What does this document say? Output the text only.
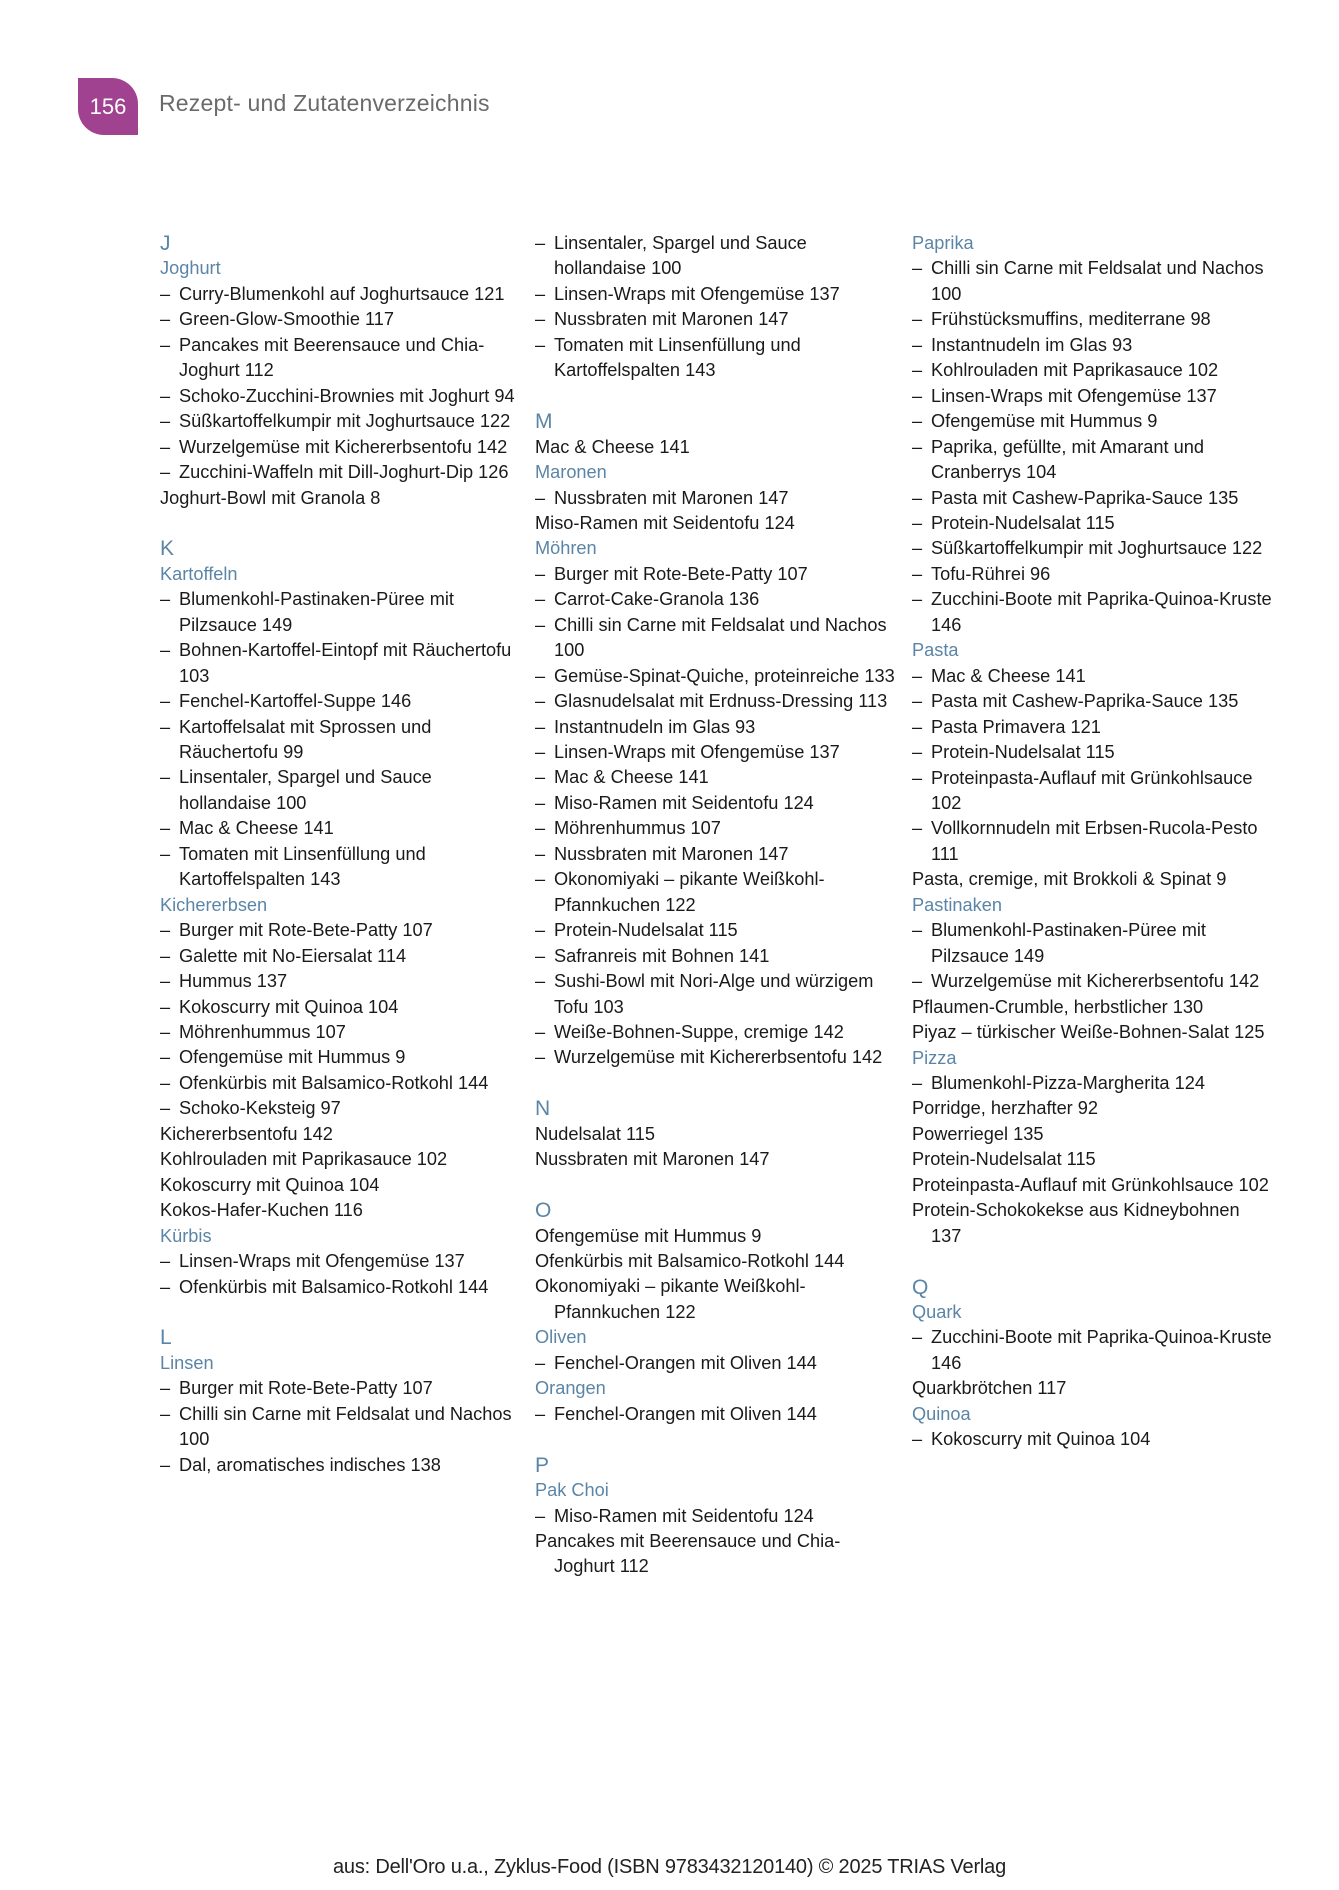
156 Rezept- und Zutatenverzeichnis
J
Joghurt
– Curry-Blumenkohl auf Joghurtsauce 121
– Green-Glow-Smoothie 117
– Pancakes mit Beerensauce und Chia-Joghurt 112
– Schoko-Zucchini-Brownies mit Joghurt 94
– Süßkartoffelkumpir mit Joghurtsauce 122
– Wurzelgemüse mit Kichererbsentofu 142
– Zucchini-Waffeln mit Dill-Joghurt-Dip 126
Joghurt-Bowl mit Granola 8
K
Kartoffeln
– Blumenkohl-Pastinaken-Püree mit Pilzsauce 149
– Bohnen-Kartoffel-Eintopf mit Räuchertofu 103
– Fenchel-Kartoffel-Suppe 146
– Kartoffelsalat mit Sprossen und Räuchertofu 99
– Linsentaler, Spargel und Sauce hollandaise 100
– Mac & Cheese 141
– Tomaten mit Linsenfüllung und Kartoffelspalten 143
Kichererbsen
– Burger mit Rote-Bete-Patty 107
– Galette mit No-Eiersalat 114
– Hummus 137
– Kokoscurry mit Quinoa 104
– Möhrenhummus 107
– Ofengemüse mit Hummus 9
– Ofenkürbis mit Balsamico-Rotkohl 144
– Schoko-Keksteig 97
Kichererbsentofu 142
Kohlrouladen mit Paprikasauce 102
Kokoscurry mit Quinoa 104
Kokos-Hafer-Kuchen 116
Kürbis
– Linsen-Wraps mit Ofengemüse 137
– Ofenkürbis mit Balsamico-Rotkohl 144
L
Linsen
– Burger mit Rote-Bete-Patty 107
– Chilli sin Carne mit Feldsalat und Nachos 100
– Dal, aromatisches indisches 138
– Linsentaler, Spargel und Sauce hollandaise 100
– Linsen-Wraps mit Ofengemüse 137
– Nussbraten mit Maronen 147
– Tomaten mit Linsenfüllung und Kartoffelspalten 143
M
Mac & Cheese 141
Maronen
– Nussbraten mit Maronen 147
Miso-Ramen mit Seidentofu 124
Möhren
– Burger mit Rote-Bete-Patty 107
– Carrot-Cake-Granola 136
– Chilli sin Carne mit Feldsalat und Nachos 100
– Gemüse-Spinat-Quiche, proteinreiche 133
– Glasnudelsalat mit Erdnuss-Dressing 113
– Instantnudeln im Glas 93
– Linsen-Wraps mit Ofengemüse 137
– Mac & Cheese 141
– Miso-Ramen mit Seidentofu 124
– Möhrenhummus 107
– Nussbraten mit Maronen 147
– Okonomiyaki – pikante Weißkohl-Pfannkuchen 122
– Protein-Nudelsalat 115
– Safranreis mit Bohnen 141
– Sushi-Bowl mit Nori-Alge und würzigem Tofu 103
– Weiße-Bohnen-Suppe, cremige 142
– Wurzelgemüse mit Kichererbsentofu 142
N
Nudelsalat 115
Nussbraten mit Maronen 147
O
Ofengemüse mit Hummus 9
Ofenkürbis mit Balsamico-Rotkohl 144
Okonomiyaki – pikante Weißkohl-Pfannkuchen 122
Oliven
– Fenchel-Orangen mit Oliven 144
Orangen
– Fenchel-Orangen mit Oliven 144
P
Pak Choi
– Miso-Ramen mit Seidentofu 124
Pancakes mit Beerensauce und Chia-Joghurt 112
Paprika
– Chilli sin Carne mit Feldsalat und Nachos 100
– Frühstücksmuffins, mediterrane 98
– Instantnudeln im Glas 93
– Kohlrouladen mit Paprikasauce 102
– Linsen-Wraps mit Ofengemüse 137
– Ofengemüse mit Hummus 9
– Paprika, gefüllte, mit Amarant und Cranberrys 104
– Pasta mit Cashew-Paprika-Sauce 135
– Protein-Nudelsalat 115
– Süßkartoffelkumpir mit Joghurtsauce 122
– Tofu-Rührei 96
– Zucchini-Boote mit Paprika-Quinoa-Kruste 146
Pasta
– Mac & Cheese 141
– Pasta mit Cashew-Paprika-Sauce 135
– Pasta Primavera 121
– Protein-Nudelsalat 115
– Proteinpasta-Auflauf mit Grünkohlsauce 102
– Vollkornnudeln mit Erbsen-Rucola-Pesto 111
Pasta, cremige, mit Brokkoli & Spinat 9
Pastinaken
– Blumenkohl-Pastinaken-Püree mit Pilzsauce 149
– Wurzelgemüse mit Kichererbsentofu 142
Pflaumen-Crumble, herbstlicher 130
Piyaz – türkischer Weiße-Bohnen-Salat 125
Pizza
– Blumenkohl-Pizza-Margherita 124
Porridge, herzhafter 92
Powerriegel 135
Protein-Nudelsalat 115
Proteinpasta-Auflauf mit Grünkohlsauce 102
Protein-Schokokekse aus Kidneybohnen 137
Q
Quark
– Zucchini-Boote mit Paprika-Quinoa-Kruste 146
Quarkbrötchen 117
Quinoa
– Kokoscurry mit Quinoa 104
aus: Dell'Oro u.a., Zyklus-Food (ISBN 9783432120140) © 2025 TRIAS Verlag
